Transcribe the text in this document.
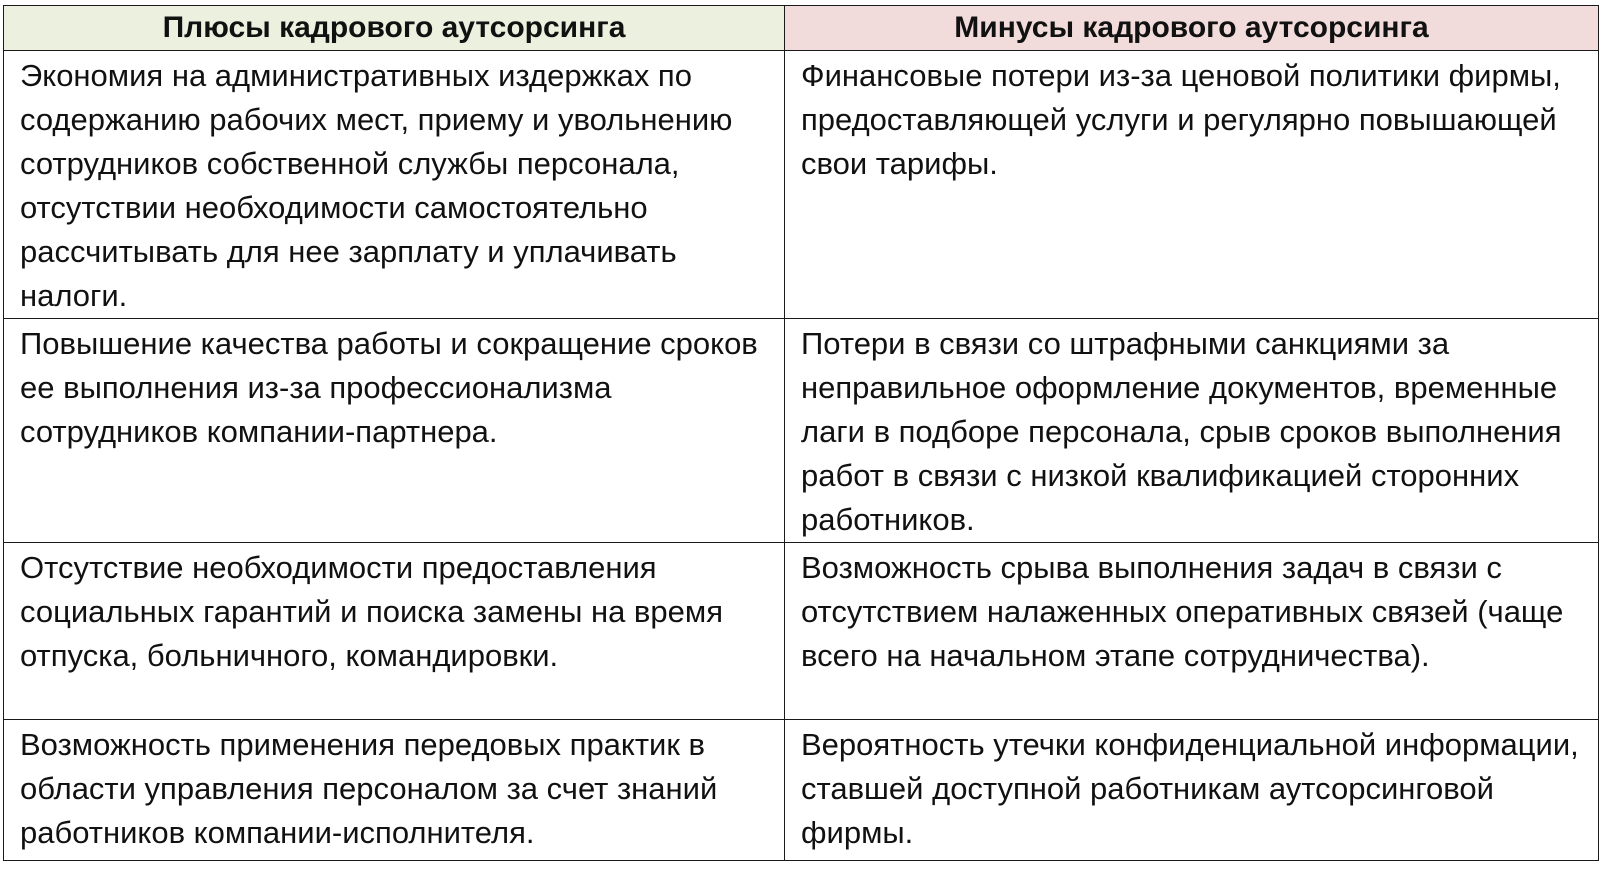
Плюсы кадрового аутсорсинга	Минусы кадрового аутсорсинга
Экономия на административных издержках по содержанию рабочих мест, приему и увольнению сотрудников собственной службы персонала, отсутствии необходимости самостоятельно рассчитывать для нее зарплату и уплачивать налоги.	Финансовые потери из-за ценовой политики фирмы, предоставляющей услуги и регулярно повышающей свои тарифы.
Повышение качества работы и сокращение сроков ее выполнения из-за профессионализма сотрудников компании-партнера.	Потери в связи со штрафными санкциями за неправильное оформление документов, временные лаги в подборе персонала, срыв сроков выполнения работ в связи с низкой квалификацией сторонних работников.
Отсутствие необходимости предоставления социальных гарантий и поиска замены на время отпуска, больничного, командировки.	Возможность срыва выполнения задач в связи с отсутствием налаженных оперативных связей (чаще всего на начальном этапе сотрудничества).
Возможность применения передовых практик в области управления персоналом за счет знаний работников компании-исполнителя.	Вероятность утечки конфиденциальной информации, ставшей доступной работникам аутсорсинговой фирмы.
